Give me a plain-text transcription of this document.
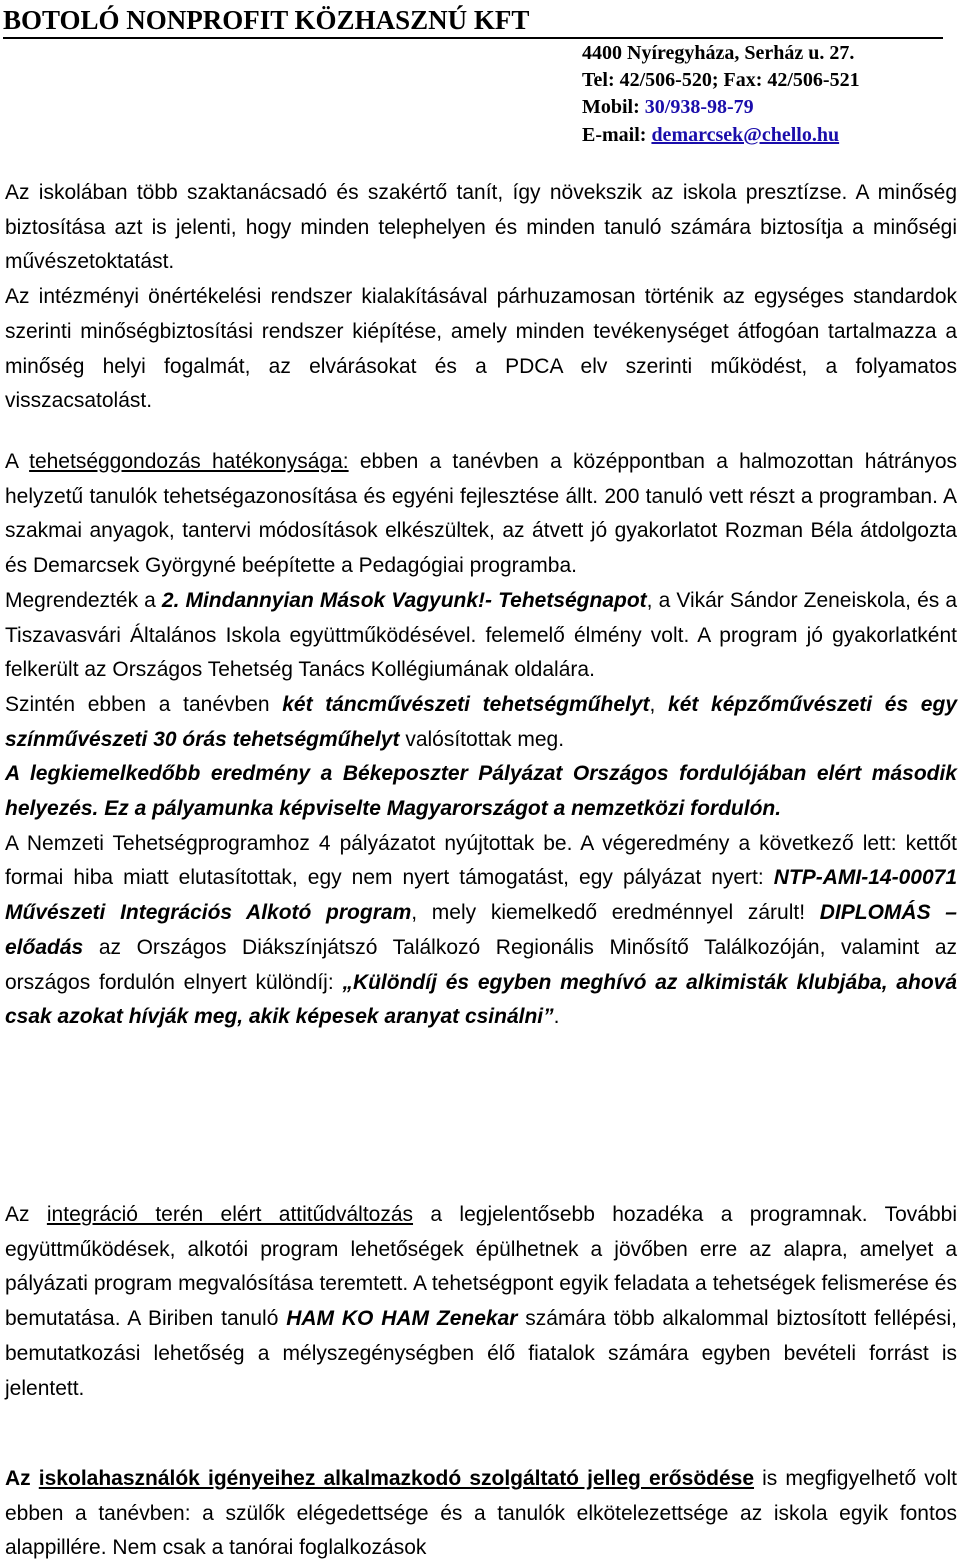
BOTOLÓ NONPROFIT KÖZHASZNÚ KFT
4400 Nyíregyháza, Serház u. 27.
Tel: 42/506-520; Fax: 42/506-521
Mobil: 30/938-98-79
E-mail: demarcsek@chello.hu

Az iskolában több szaktanácsadó és szakértő tanít, így növekszik az iskola presztízse. A minőség biztosítása azt is jelenti, hogy minden telephelyen és minden tanuló számára biztosítja a minőségi művészetoktatást.

Az intézményi önértékelési rendszer kialakításával párhuzamosan történik az egységes standardok szerinti minőségbiztosítási rendszer kiépítése, amely minden tevékenységet átfogóan tartalmazza a minőség helyi fogalmát, az elvárásokat és a PDCA elv szerinti működést, a folyamatos visszacsatolást.

A tehetséggondozás hatékonysága: ebben a tanévben a középpontban a halmozottan hátrányos helyzetű tanulók tehetségazonosítása és egyéni fejlesztése állt. 200 tanuló vett részt a programban. A szakmai anyagok, tantervi módosítások elkészültek, az átvett jó gyakorlatot Rozman Béla átdolgozta és Demarcsek Györgyné beépítette a Pedagógiai programba.

Megrendezték a 2. Mindannyian Mások Vagyunk!- Tehetségnapot, a Vikár Sándor Zeneiskola, és a Tiszavasvári Általános Iskola együttműködésével. felemelő élmény volt. A program jó gyakorlatként felkerült az Országos Tehetség Tanács Kollégiumának oldalára.

Szintén ebben a tanévben két táncművészeti tehetségműhelyt, két képzőművészeti és egy színművészeti 30 órás tehetségműhelyt valósítottak meg.

A legkiemelkedőbb eredmény a Békeposzter Pályázat Országos fordulójában elért második helyezés. Ez a pályamunka képviselte Magyarországot a nemzetközi fordulón.

A Nemzeti Tehetségprogramhoz 4 pályázatot nyújtottak be. A végeredmény a következő lett: kettőt formai hiba miatt elutasítottak, egy nem nyert támogatást, egy pályázat nyert: NTP-AMI-14-00071 Művészeti Integrációs Alkotó program, mely kiemelkedő eredménnyel zárult! DIPLOMÁS – előadás az Országos Diákszínjátszó Találkozó Regionális Minősítő Találkozóján, valamint az országos fordulón elnyert különdíj: „Különdíj és egyben meghívó az alkimisták klubjába, ahová csak azokat hívják meg, akik képesek aranyat csinálni”.

Az integráció terén elért attitűdváltozás a legjelentősebb hozadéka a programnak. További együttműködések, alkotói program lehetőségek épülhetnek a jövőben erre az alapra, amelyet a pályázati program megvalósítása teremtett. A tehetségpont egyik feladata a tehetségek felismerése és bemutatása. A Biriben tanuló HAM KO HAM Zenekar számára több alkalommal biztosított fellépési, bemutatkozási lehetőség a mélyszegénységben élő fiatalok számára egyben bevételi forrást is jelentett.

Az iskolahasználók igényeihez alkalmazkodó szolgáltató jelleg erősödése is megfigyelhető volt ebben a tanévben: a szülők elégedettsége és a tanulók elkötelezettsége az iskola egyik fontos alappillére. Nem csak a tanórai foglalkozások
